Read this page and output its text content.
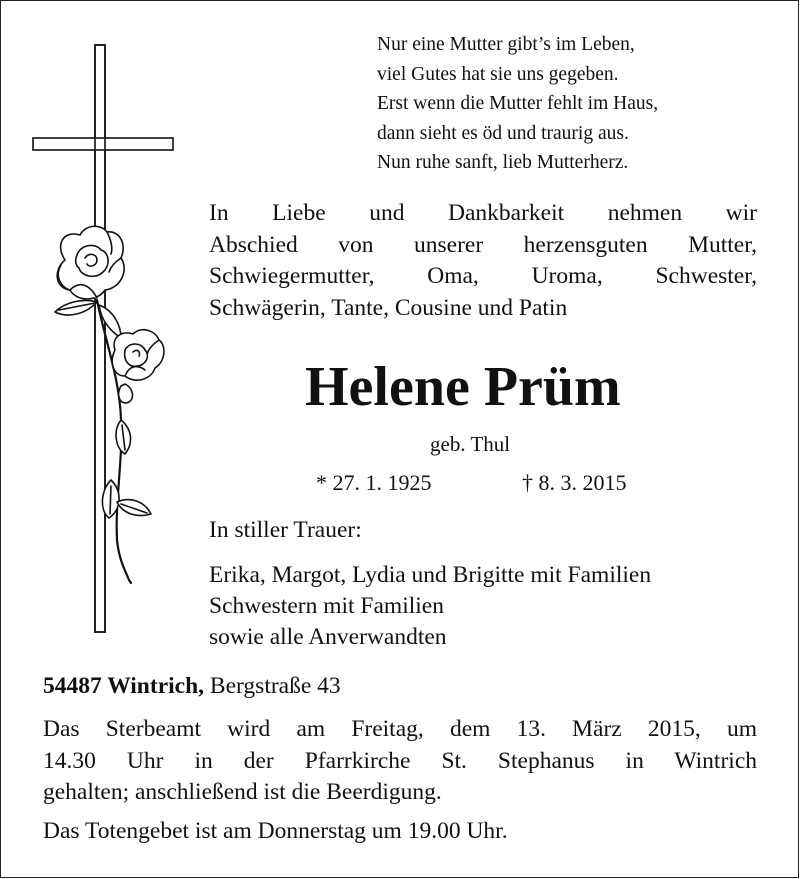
Nur eine Mutter gibt’s im Leben,
viel Gutes hat sie uns gegeben.
Erst wenn die Mutter fehlt im Haus,
dann sieht es öd und traurig aus.
Nun ruhe sanft, lieb Mutterherz.
In Liebe und Dankbarkeit nehmen wir
Abschied von unserer herzensguten Mutter,
Schwiegermutter, Oma, Uroma, Schwester,
Schwägerin, Tante, Cousine und Patin
Helene Prüm
geb. Thul
* 27. 1. 1925	† 8. 3. 2015
In stiller Trauer:
Erika, Margot, Lydia und Brigitte mit Familien
Schwestern mit Familien
sowie alle Anverwandten
54487 Wintrich, Bergstraße 43
Das Sterbeamt wird am Freitag, dem 13. März 2015, um
14.30 Uhr in der Pfarrkirche St. Stephanus in Wintrich
gehalten; anschließend ist die Beerdigung.
Das Totengebet ist am Donnerstag um 19.00 Uhr.
